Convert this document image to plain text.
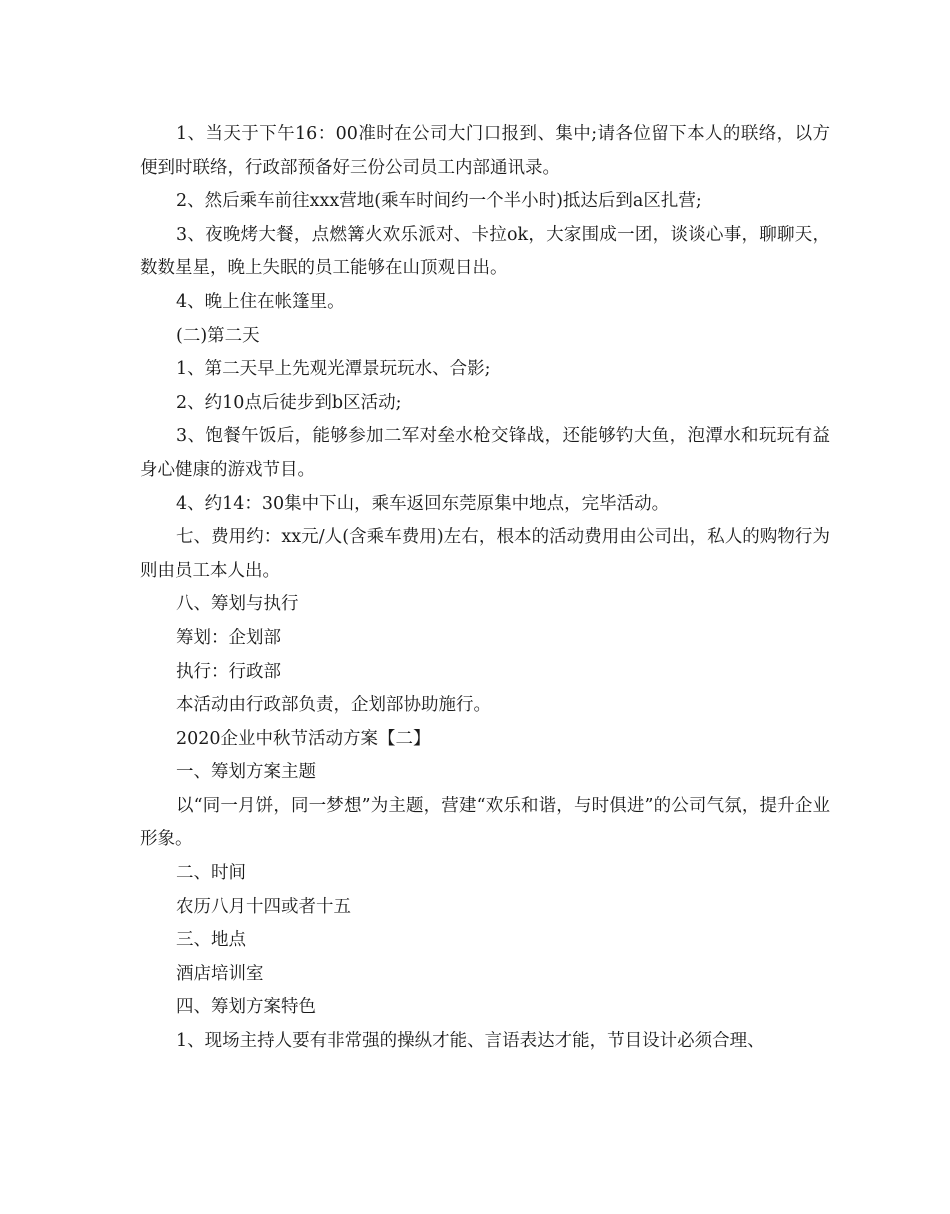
1、当天于下午16：00准时在公司大门口报到、集中;请各位留下本人的联络，以方便到时联络，行政部预备好三份公司员工内部通讯录。

2、然后乘车前往xxx营地(乘车时间约一个半小时)抵达后到a区扎营;

3、夜晚烤大餐，点燃篝火欢乐派对、卡拉ok，大家围成一团，谈谈心事，聊聊天，数数星星，晚上失眠的员工能够在山顶观日出。

4、晚上住在帐篷里。

(二)第二天

1、第二天早上先观光潭景玩玩水、合影;

2、约10点后徒步到b区活动;

3、饱餐午饭后，能够参加二军对垒水枪交锋战，还能够钓大鱼，泡潭水和玩玩有益身心健康的游戏节目。

4、约14：30集中下山，乘车返回东莞原集中地点，完毕活动。

七、费用约：xx元/人(含乘车费用)左右，根本的活动费用由公司出，私人的购物行为则由员工本人出。

八、筹划与执行

筹划：企划部

执行：行政部

本活动由行政部负责，企划部协助施行。

2020企业中秋节活动方案【二】

一、筹划方案主题

以“同一月饼，同一梦想”为主题，营建“欢乐和谐，与时俱进”的公司气氛，提升企业形象。

二、时间

农历八月十四或者十五

三、地点

酒店培训室

四、筹划方案特色

1、现场主持人要有非常强的操纵才能、言语表达才能，节目设计必须合理、
